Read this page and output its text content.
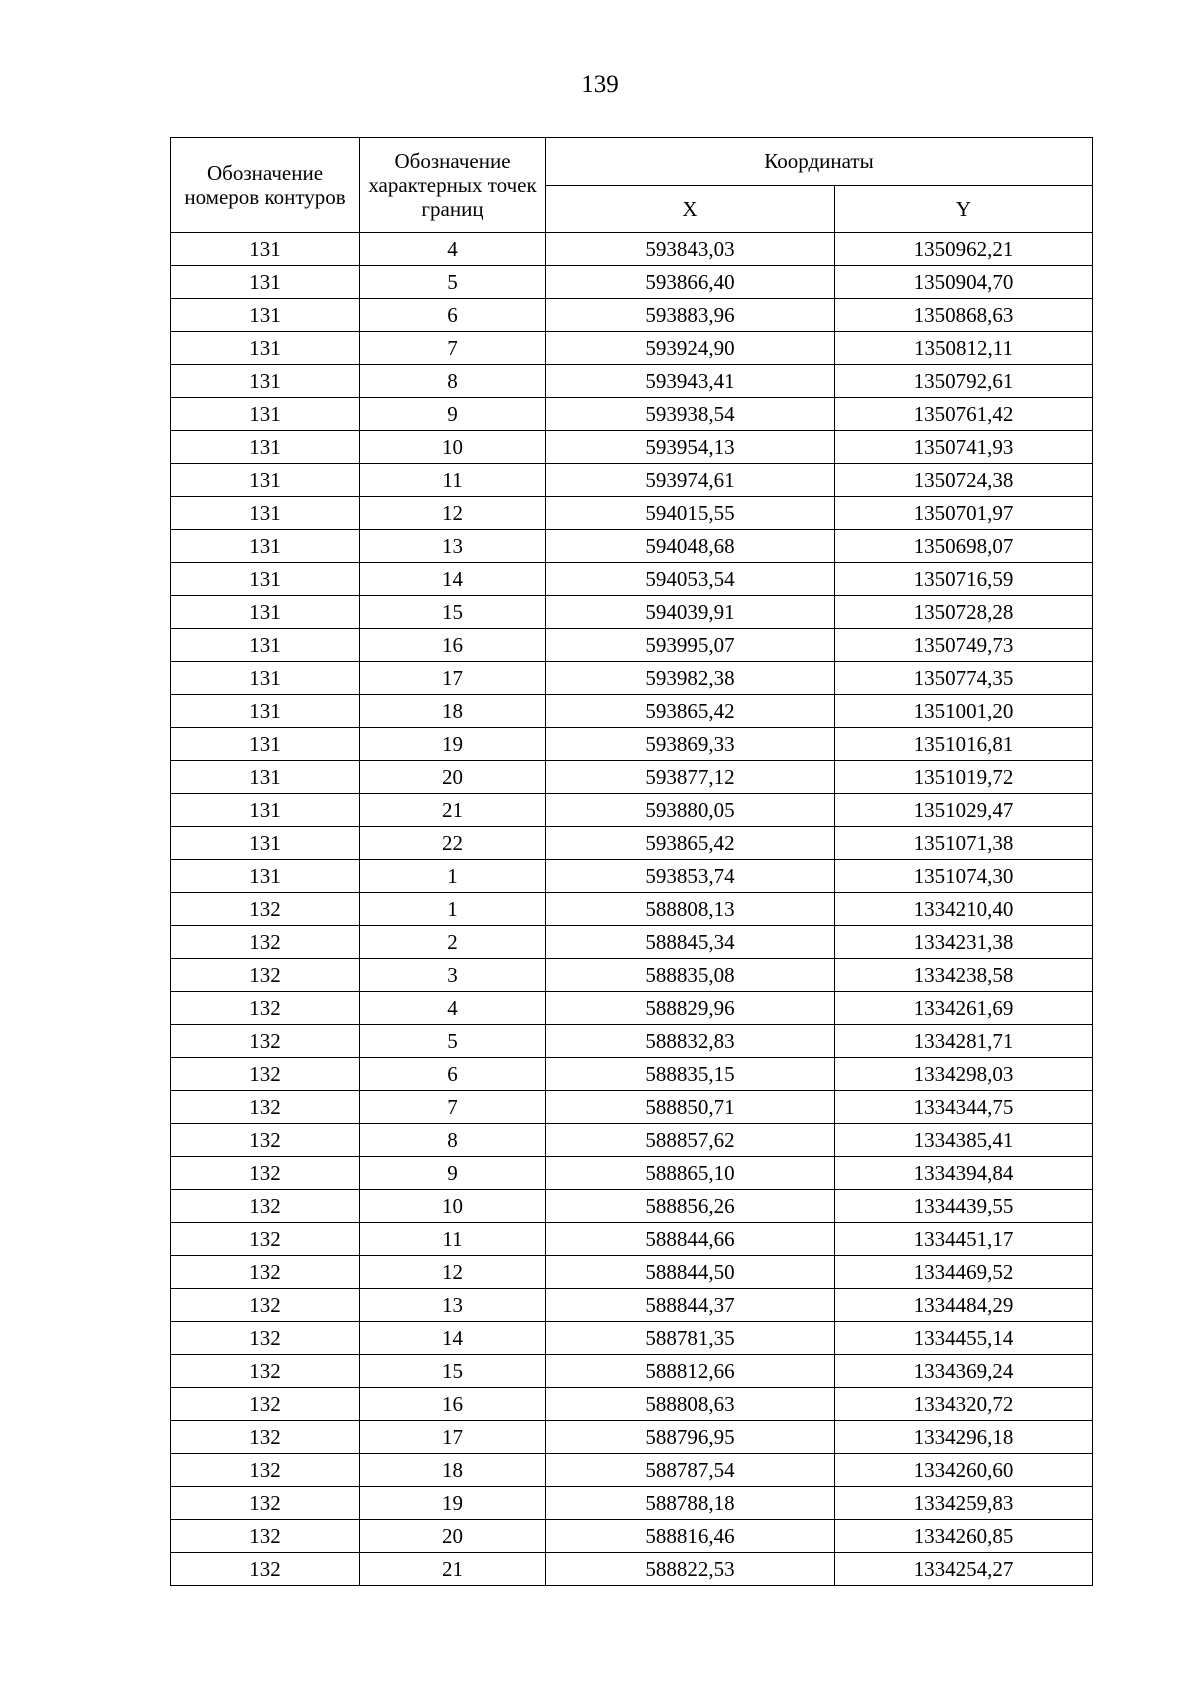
139
Обозначение номеров контуров	Обозначение характерных точек границ	Координаты	
		X	Y
131	4	593843,03	1350962,21
131	5	593866,40	1350904,70
131	6	593883,96	1350868,63
131	7	593924,90	1350812,11
131	8	593943,41	1350792,61
131	9	593938,54	1350761,42
131	10	593954,13	1350741,93
131	11	593974,61	1350724,38
131	12	594015,55	1350701,97
131	13	594048,68	1350698,07
131	14	594053,54	1350716,59
131	15	594039,91	1350728,28
131	16	593995,07	1350749,73
131	17	593982,38	1350774,35
131	18	593865,42	1351001,20
131	19	593869,33	1351016,81
131	20	593877,12	1351019,72
131	21	593880,05	1351029,47
131	22	593865,42	1351071,38
131	1	593853,74	1351074,30
132	1	588808,13	1334210,40
132	2	588845,34	1334231,38
132	3	588835,08	1334238,58
132	4	588829,96	1334261,69
132	5	588832,83	1334281,71
132	6	588835,15	1334298,03
132	7	588850,71	1334344,75
132	8	588857,62	1334385,41
132	9	588865,10	1334394,84
132	10	588856,26	1334439,55
132	11	588844,66	1334451,17
132	12	588844,50	1334469,52
132	13	588844,37	1334484,29
132	14	588781,35	1334455,14
132	15	588812,66	1334369,24
132	16	588808,63	1334320,72
132	17	588796,95	1334296,18
132	18	588787,54	1334260,60
132	19	588788,18	1334259,83
132	20	588816,46	1334260,85
132	21	588822,53	1334254,27
